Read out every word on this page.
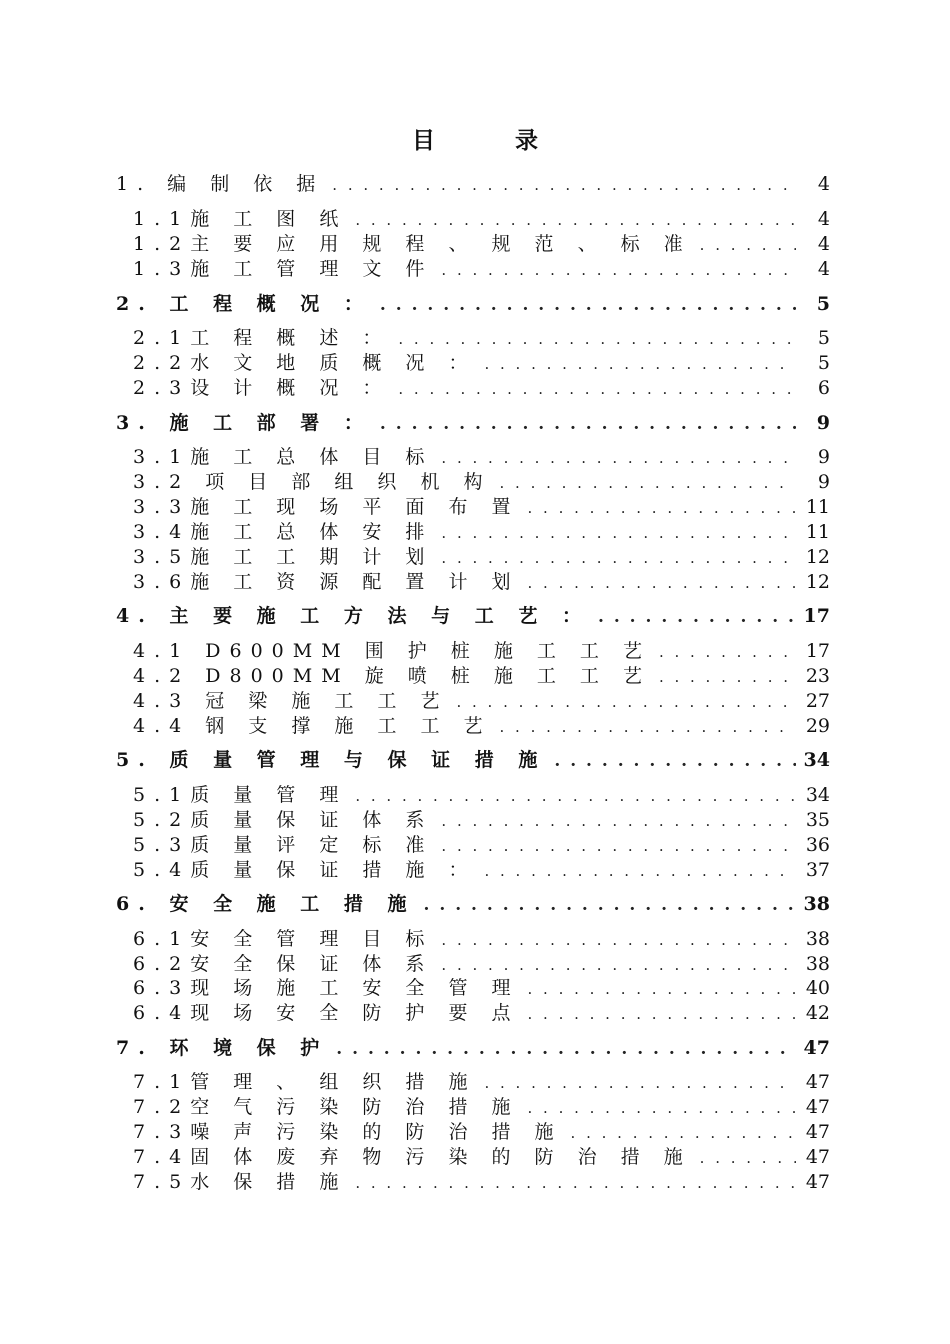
目 录
1. 编 制 依 据 . . .	4
1.1施 工 图 纸 . . .	4
1.2主 要 应 用 规 程 、 规 范 、 标 准 . . .	4
1.3施 工 管 理 文 件 . . .	4
2. 工 程 概 况 ： . . .	5
2.1工 程 概 述 ： . . .	5
2.2水 文 地 质 概 况 ： . . .	5
2.3设 计 概 况 ： . . .	6
3. 施 工 部 署 ： . . .	9
3.1施 工 总 体 目 标 . . .	9
3.2 项 目 部 组 织 机 构 . . .	9
3.3施 工 现 场 平 面 布 置 . . .	11
3.4施 工 总 体 安 排 . . .	11
3.5施 工 工 期 计 划 . . .	12
3.6施 工 资 源 配 置 计 划 . . .	12
4. 主 要 施 工 方 法 与 工 艺 ： . . .	17
4.1 D600MM 围 护 桩 施 工 工 艺 . . .	17
4.2 D800MM 旋 喷 桩 施 工 工 艺 . . .	23
4.3 冠 梁 施 工 工 艺 . . .	27
4.4 钢 支 撑 施 工 工 艺 . . .	29
5. 质 量 管 理 与 保 证 措 施 . . .	34
5.1质 量 管 理 . . .	34
5.2质 量 保 证 体 系 . . .	35
5.3质 量 评 定 标 准 . . .	36
5.4质 量 保 证 措 施 ： . . .	37
6. 安 全 施 工 措 施 . . .	38
6.1安 全 管 理 目 标 . . .	38
6.2安 全 保 证 体 系 . . .	38
6.3现 场 施 工 安 全 管 理 . . .	40
6.4现 场 安 全 防 护 要 点 . . .	42
7. 环 境 保 护 . . .	47
7.1管 理 、 组 织 措 施 . . .	47
7.2空 气 污 染 防 治 措 施 . . .	47
7.3噪 声 污 染 的 防 治 措 施 . . .	47
7.4固 体 废 弃 物 污 染 的 防 治 措 施 . . .	47
7.5水 保 措 施 . . .	47
